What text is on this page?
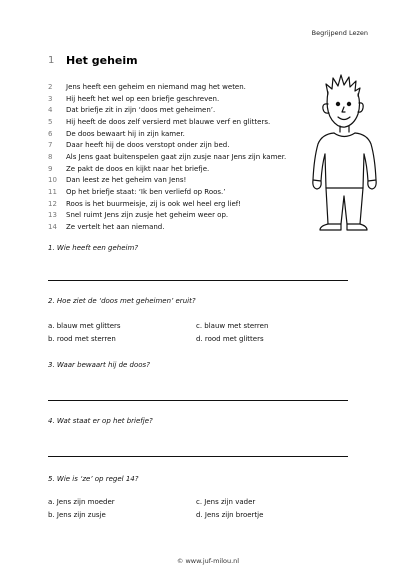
Begrijpend Lezen
1	Het geheim
2	Jens heeft een geheim en niemand mag het weten.
3	Hij heeft het wel op een briefje geschreven.
4	Dat briefje zit in zijn ‘doos met geheimen’.
5	Hij heeft de doos zelf versierd met blauwe verf en glitters.
6	De doos bewaart hij in zijn kamer.
7	Daar heeft hij de doos verstopt onder zijn bed.
8	Als Jens gaat buitenspelen gaat zijn zusje naar Jens zijn kamer.
9	Ze pakt de doos en kijkt naar het briefje.
10	Dan leest ze het geheim van Jens!
11	Op het briefje staat: ‘Ik ben verliefd op Roos.’
12	Roos is het buurmeisje, zij is ook wel heel erg lief!
13	Snel ruimt Jens zijn zusje het geheim weer op.
14	Ze vertelt het aan niemand.
1. Wie heeft een geheim?
2. Hoe ziet de ‘doos met geheimen’ eruit?
a. blauw met glitters	c. blauw met sterren
b. rood met sterren	d. rood met glitters
3. Waar bewaart hij de doos?
4. Wat staat er op het briefje?
5. Wie is ‘ze’ op regel 14?
a. Jens zijn moeder	c. Jens zijn vader
b. Jens zijn zusje	d. Jens zijn broertje
© www.juf-milou.nl
